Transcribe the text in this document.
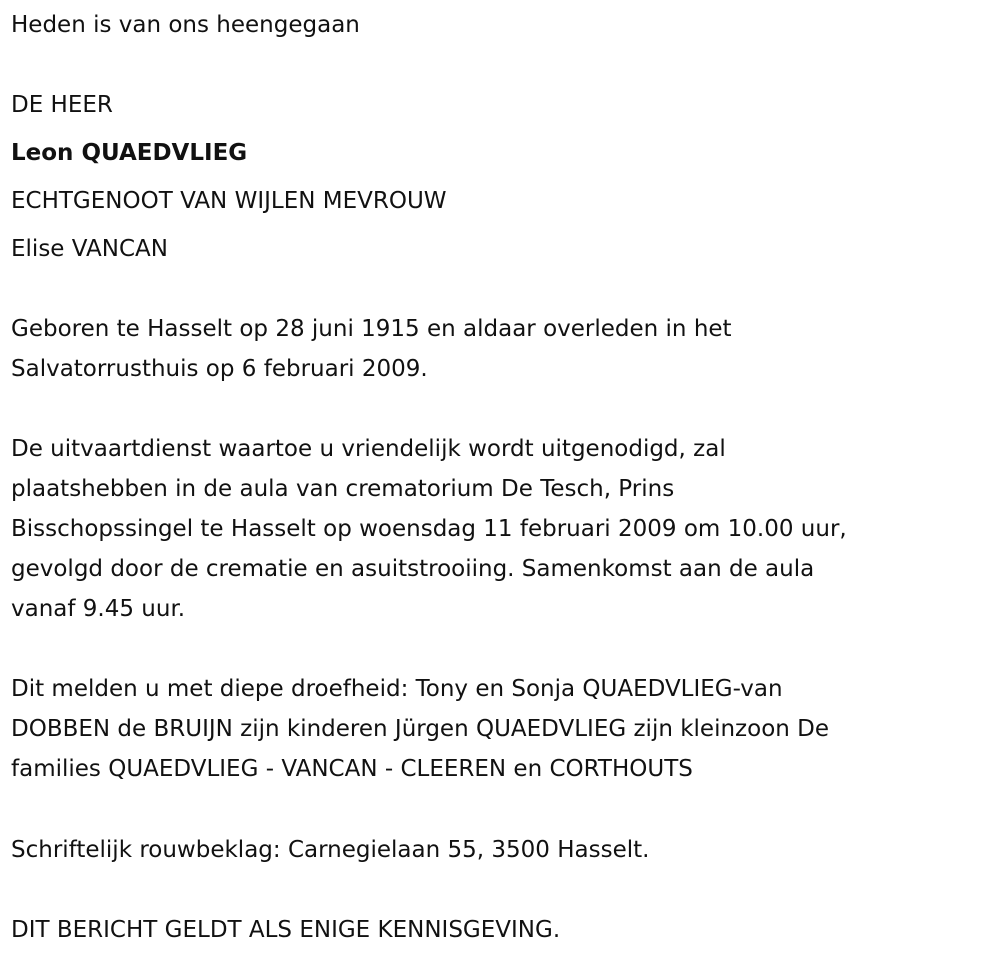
Heden is van ons heengegaan
DE HEER
Leon QUAEDVLIEG
ECHTGENOOT VAN WIJLEN MEVROUW
Elise VANCAN
Geboren te Hasselt op 28 juni 1915 en aldaar overleden in het
Salvatorrusthuis op 6 februari 2009.
De uitvaartdienst waartoe u vriendelijk wordt uitgenodigd, zal
plaatshebben in de aula van crematorium De Tesch, Prins
Bisschopssingel te Hasselt op woensdag 11 februari 2009 om 10.00 uur,
gevolgd door de crematie en asuitstrooiing. Samenkomst aan de aula
vanaf 9.45 uur.
Dit melden u met diepe droefheid: Tony en Sonja QUAEDVLIEG-van
DOBBEN de BRUIJN zijn kinderen Jürgen QUAEDVLIEG zijn kleinzoon De
families QUAEDVLIEG - VANCAN - CLEEREN en CORTHOUTS
Schriftelijk rouwbeklag: Carnegielaan 55, 3500 Hasselt.
DIT BERICHT GELDT ALS ENIGE KENNISGEVING.
